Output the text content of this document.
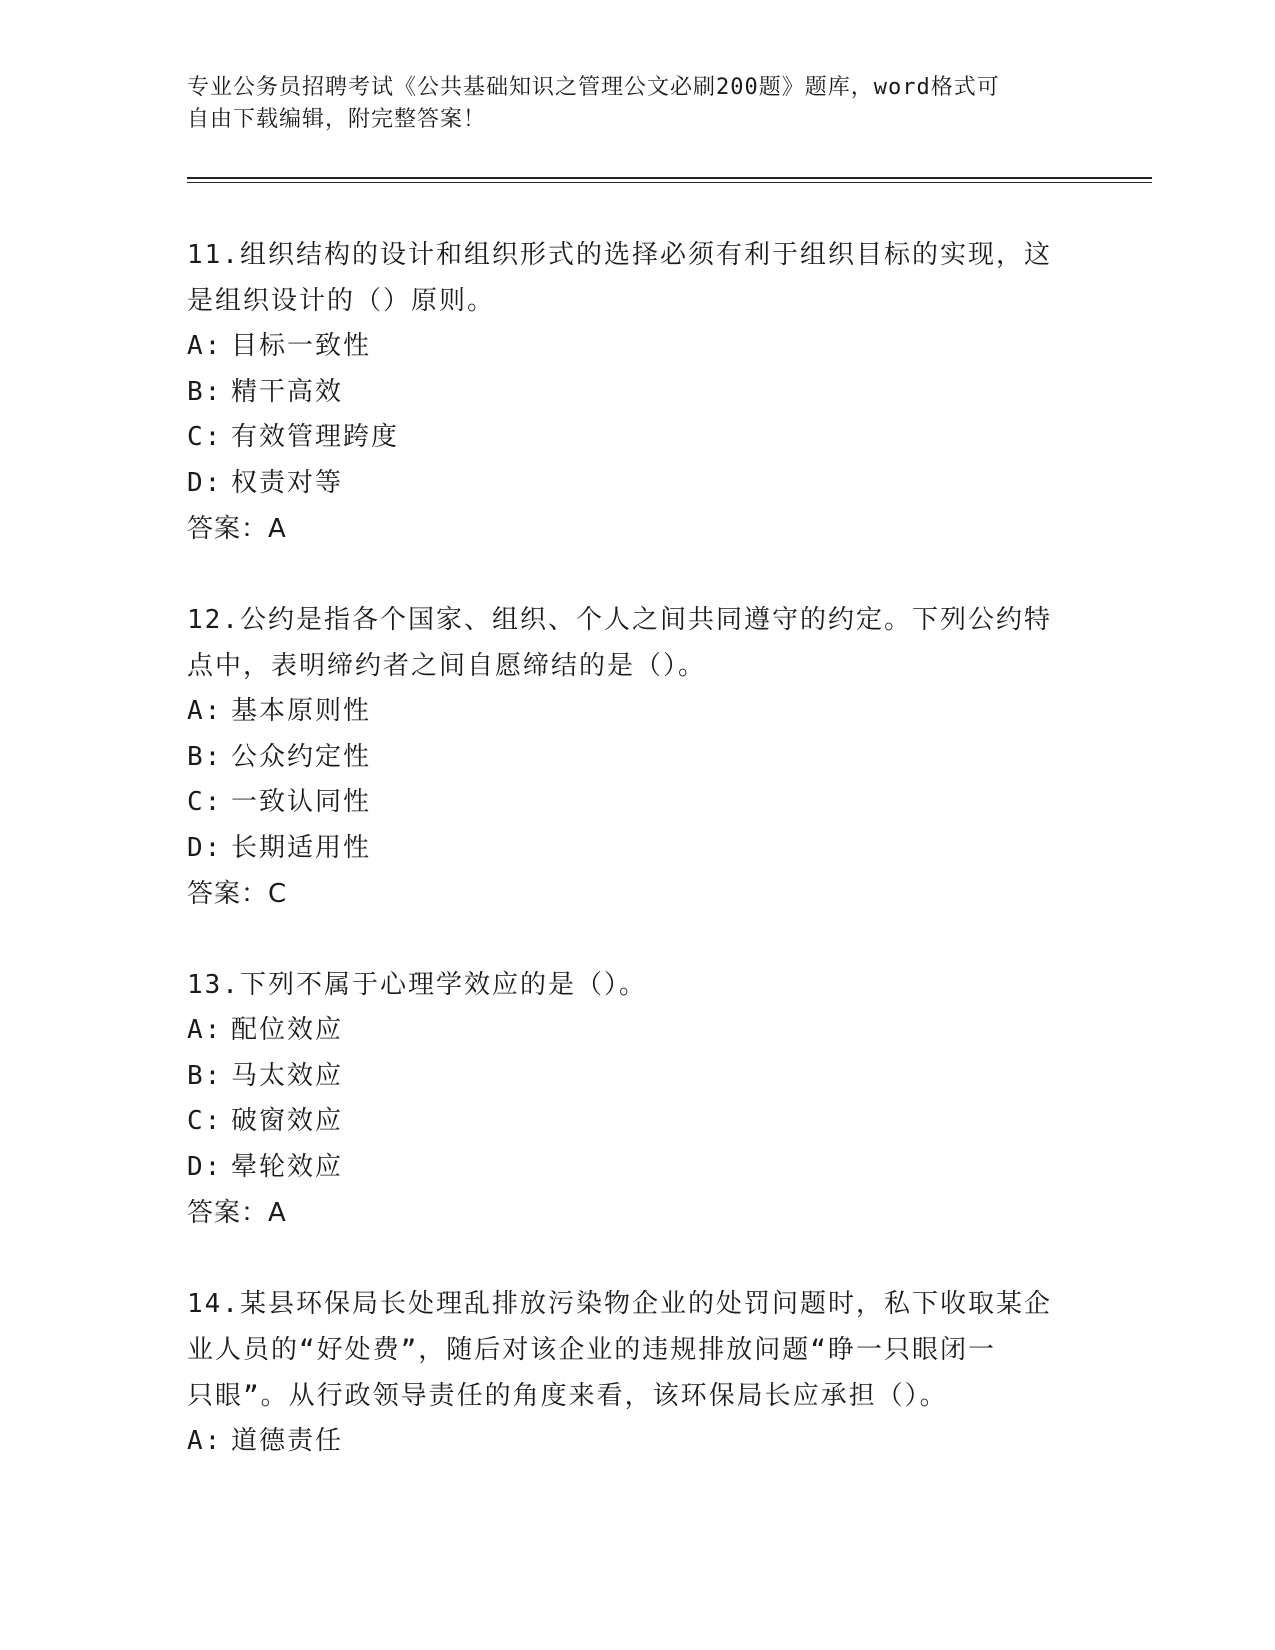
专业公务员招聘考试《公共基础知识之管理公文必刷200题》题库，word格式可
自由下载编辑，附完整答案！

11.组织结构的设计和组织形式的选择必须有利于组织目标的实现，这

是组织设计的（）原则。

A: 目标一致性

B: 精干高效

C: 有效管理跨度

D: 权责对等

答案：A

12.公约是指各个国家、组织、个人之间共同遵守的约定。下列公约特

点中，表明缔约者之间自愿缔结的是（）。

A: 基本原则性

B: 公众约定性

C: 一致认同性

D: 长期适用性

答案：C

13.下列不属于心理学效应的是（）。

A: 配位效应

B: 马太效应

C: 破窗效应

D: 晕轮效应

答案：A

14.某县环保局长处理乱排放污染物企业的处罚问题时，私下收取某企

业人员的“好处费”，随后对该企业的违规排放问题“睁一只眼闭一

只眼”。从行政领导责任的角度来看，该环保局长应承担（）。

A: 道德责任
